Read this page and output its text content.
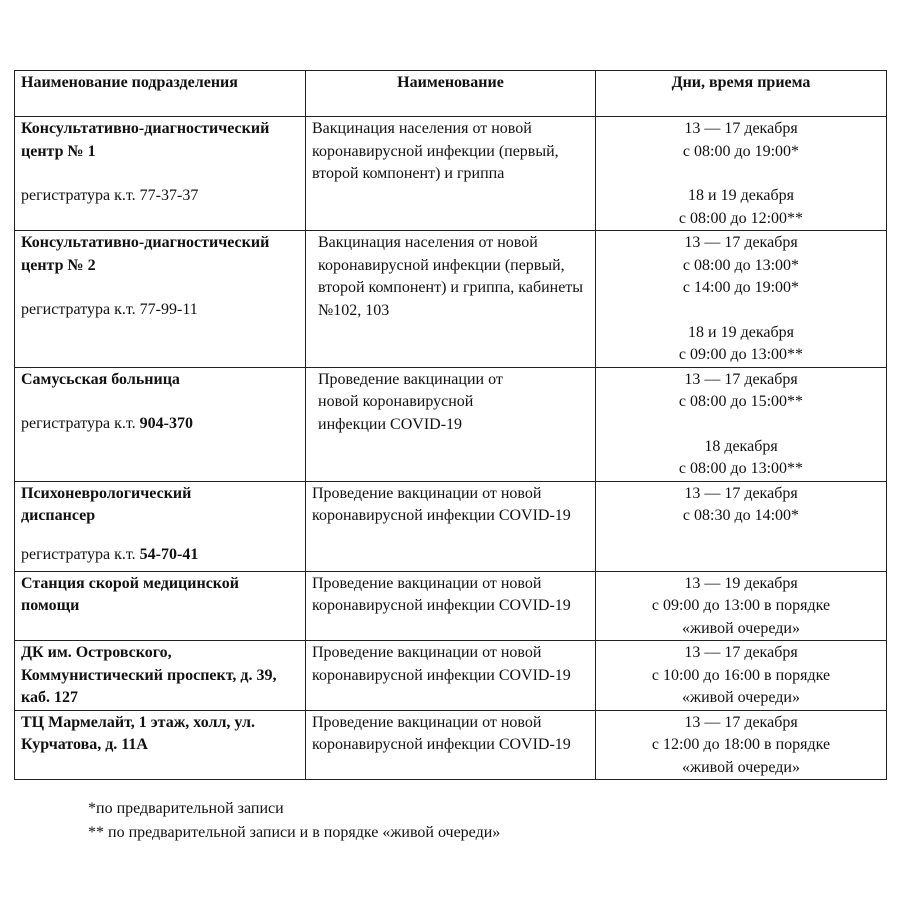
Наименование подразделения	Наименование	Дни, время приема

Консультативно-диагностический центр № 1
регистратура к.т. 77-37-37	Вакцинация населения от новой коронавирусной инфекции (первый, второй компонент) и гриппа	13 — 17 декабря
с 08:00 до 19:00*
18 и 19 декабря
с 08:00 до 12:00**

Консультативно-диагностический центр № 2
регистратура к.т. 77-99-11	Вакцинация населения от новой коронавирусной инфекции (первый, второй компонент) и гриппа, кабинеты №102, 103	13 — 17 декабря
с 08:00 до 13:00*
с 14:00 до 19:00*
18 и 19 декабря
с 09:00 до 13:00**

Самусьская больница
регистратура к.т. 904-370	Проведение вакцинации от новой коронавирусной инфекции COVID-19	13 — 17 декабря
с 08:00 до 15:00**
18 декабря
с 08:00 до 13:00**

Психоневрологический диспансер
регистратура к.т. 54-70-41	Проведение вакцинации от новой коронавирусной инфекции COVID-19	13 — 17 декабря
с 08:30 до 14:00*

Станция скорой медицинской помощи	Проведение вакцинации от новой коронавирусной инфекции COVID-19	13 — 19 декабря
с 09:00 до 13:00 в порядке
«живой очереди»

ДК им. Островского, Коммунистический проспект, д. 39, каб. 127	Проведение вакцинации от новой коронавирусной инфекции COVID-19	13 — 17 декабря
с 10:00 до 16:00 в порядке
«живой очереди»

ТЦ Мармелайт, 1 этаж, холл, ул. Курчатова, д. 11А	Проведение вакцинации от новой коронавирусной инфекции COVID-19	13 — 17 декабря
с 12:00 до 18:00 в порядке
«живой очереди»
*по предварительной записи
** по предварительной записи и в порядке «живой очереди»
